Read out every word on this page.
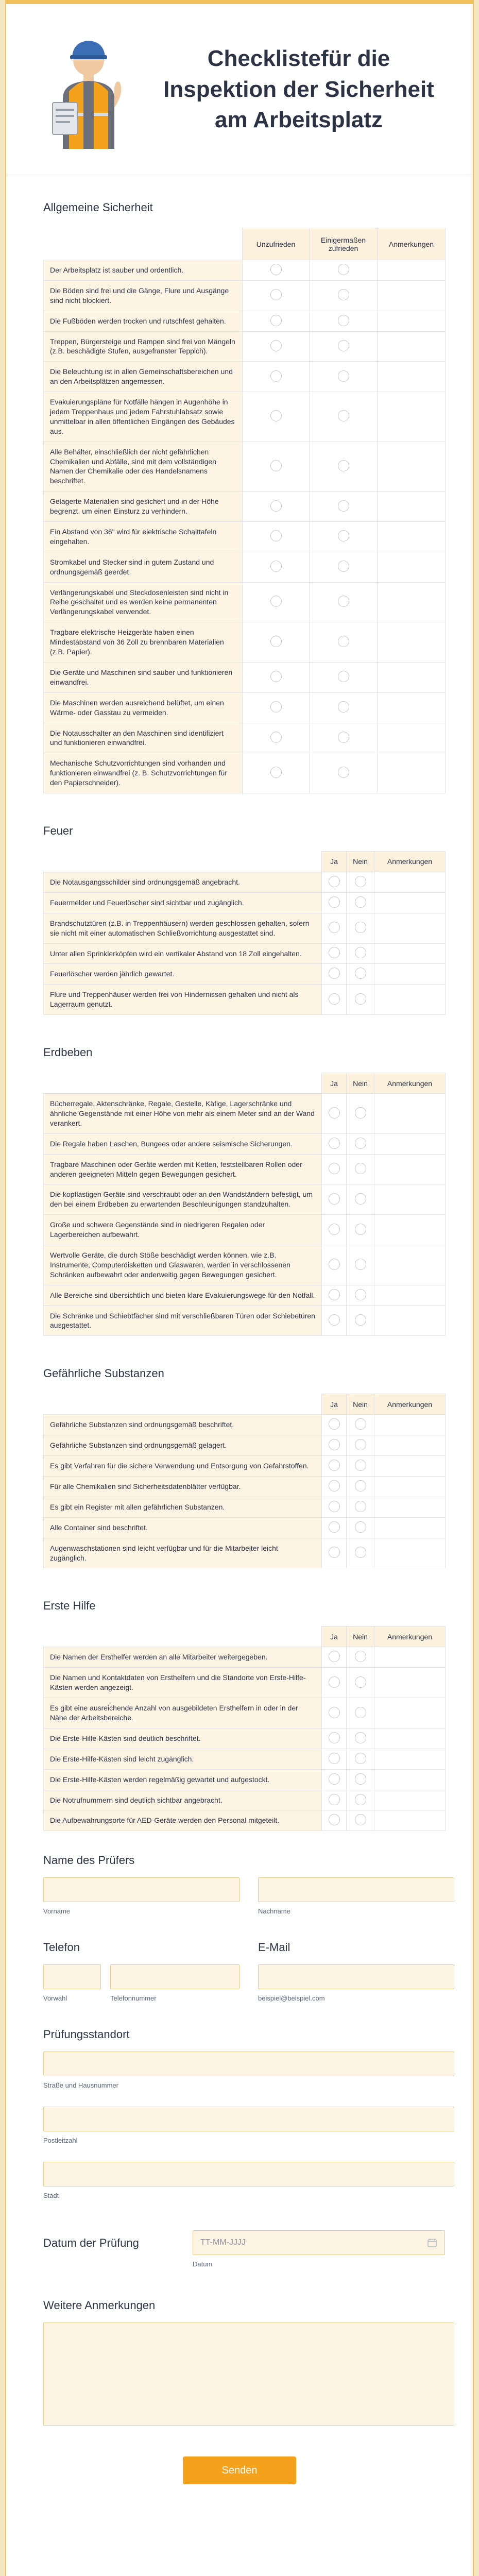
Checklistefür die
Inspektion der Sicherheit
am Arbeitsplatz
Allgemeine Sicherheit
	Unzufrieden	Einigermaßen zufrieden	Anmerkungen
Der Arbeitsplatz ist sauber und ordentlich.			
Die Böden sind frei und die Gänge, Flure und Ausgänge sind nicht blockiert.			
Die Fußböden werden trocken und rutschfest gehalten.			
Treppen, Bürgersteige und Rampen sind frei von Mängeln (z.B. beschädigte Stufen, ausgefranster Teppich).			
Die Beleuchtung ist in allen Gemeinschaftsbereichen und an den Arbeitsplätzen angemessen.			
Evakuierungspläne für Notfälle hängen in Augenhöhe in jedem Treppenhaus und jedem Fahrstuhlabsatz sowie unmittelbar in allen öffentlichen Eingängen des Gebäudes aus.			
Alle Behälter, einschließlich der nicht gefährlichen Chemikalien und Abfälle, sind mit dem vollständigen Namen der Chemikalie oder des Handelsnamens beschriftet.			
Gelagerte Materialien sind gesichert und in der Höhe begrenzt, um einen Einsturz zu verhindern.			
Ein Abstand von 36" wird für elektrische Schalttafeln eingehalten.			
Stromkabel und Stecker sind in gutem Zustand und ordnungsgemäß geerdet.			
Verlängerungskabel und Steckdosenleisten sind nicht in Reihe geschaltet und es werden keine permanenten Verlängerungskabel verwendet.			
Tragbare elektrische Heizgeräte haben einen Mindestabstand von 36 Zoll zu brennbaren Materialien (z.B. Papier).			
Die Geräte und Maschinen sind sauber und funktionieren einwandfrei.			
Die Maschinen werden ausreichend belüftet, um einen Wärme- oder Gasstau zu vermeiden.			
Die Notausschalter an den Maschinen sind identifiziert und funktionieren einwandfrei.			
Mechanische Schutzvorrichtungen sind vorhanden und funktionieren einwandfrei (z. B. Schutzvorrichtungen für den Papierschneider).			
Feuer
	Ja	Nein	Anmerkungen
Die Notausgangsschilder sind ordnungsgemäß angebracht.			
Feuermelder und Feuerlöscher sind sichtbar und zugänglich.			
Brandschutztüren (z.B. in Treppenhäusern) werden geschlossen gehalten, sofern sie nicht mit einer automatischen Schließvorrichtung ausgestattet sind.			
Unter allen Sprinklerköpfen wird ein vertikaler Abstand von 18 Zoll eingehalten.			
Feuerlöscher werden jährlich gewartet.			
Flure und Treppenhäuser werden frei von Hindernissen gehalten und nicht als Lagerraum genutzt.			
Erdbeben
	Ja	Nein	Anmerkungen
Bücherregale, Aktenschränke, Regale, Gestelle, Käfige, Lagerschränke und ähnliche Gegenstände mit einer Höhe von mehr als einem Meter sind an der Wand verankert.			
Die Regale haben Laschen, Bungees oder andere seismische Sicherungen.			
Tragbare Maschinen oder Geräte werden mit Ketten, feststellbaren Rollen oder anderen geeigneten Mitteln gegen Bewegungen gesichert.			
Die kopflastigen Geräte sind verschraubt oder an den Wandständern befestigt, um den bei einem Erdbeben zu erwartenden Beschleunigungen standzuhalten.			
Große und schwere Gegenstände sind in niedrigeren Regalen oder Lagerbereichen aufbewahrt.			
Wertvolle Geräte, die durch Stöße beschädigt werden können, wie z.B. Instrumente, Computerdisketten und Glaswaren, werden in verschlossenen Schränken aufbewahrt oder anderweitig gegen Bewegungen gesichert.			
Alle Bereiche sind übersichtlich und bieten klare Evakuierungswege für den Notfall.			
Die Schränke und Schiebtfächer sind mit verschließbaren Türen oder Schiebetüren ausgestattet.			
Gefährliche Substanzen
	Ja	Nein	Anmerkungen
Gefährliche Substanzen sind ordnungsgemäß beschriftet.			
Gefährliche Substanzen sind ordnungsgemäß gelagert.			
Es gibt Verfahren für die sichere Verwendung und Entsorgung von Gefahrstoffen.			
Für alle Chemikalien sind Sicherheitsdatenblätter verfügbar.			
Es gibt ein Register mit allen gefährlichen Substanzen.			
Alle Container sind beschriftet.			
Augenwaschstationen sind leicht verfügbar und für die Mitarbeiter leicht zugänglich.			
Erste Hilfe
	Ja	Nein	Anmerkungen
Die Namen der Ersthelfer werden an alle Mitarbeiter weitergegeben.			
Die Namen und Kontaktdaten von Ersthelfern und die Standorte von Erste-Hilfe-Kästen werden angezeigt.			
Es gibt eine ausreichende Anzahl von ausgebildeten Ersthelfern in oder in der Nähe der Arbeitsbereiche.			
Die Erste-Hilfe-Kästen sind deutlich beschriftet.			
Die Erste-Hilfe-Kästen sind leicht zugänglich.			
Die Erste-Hilfe-Kästen werden regelmäßig gewartet und aufgestockt.			
Die Notrufnummern sind deutlich sichtbar angebracht.			
Die Aufbewahrungsorte für AED-Geräte werden den Personal mitgeteilt.			
Name des Prüfers
Vorname	Nachname
Telefon
Vorwahl	Telefonnummer
E-Mail
beispiel@beispiel.com
Prüfungsstandort
Straße und Hausnummer
Postleitzahl
Stadt
Datum der Prüfung	TT-MM-JJJJ
Datum
Weitere Anmerkungen
Senden
